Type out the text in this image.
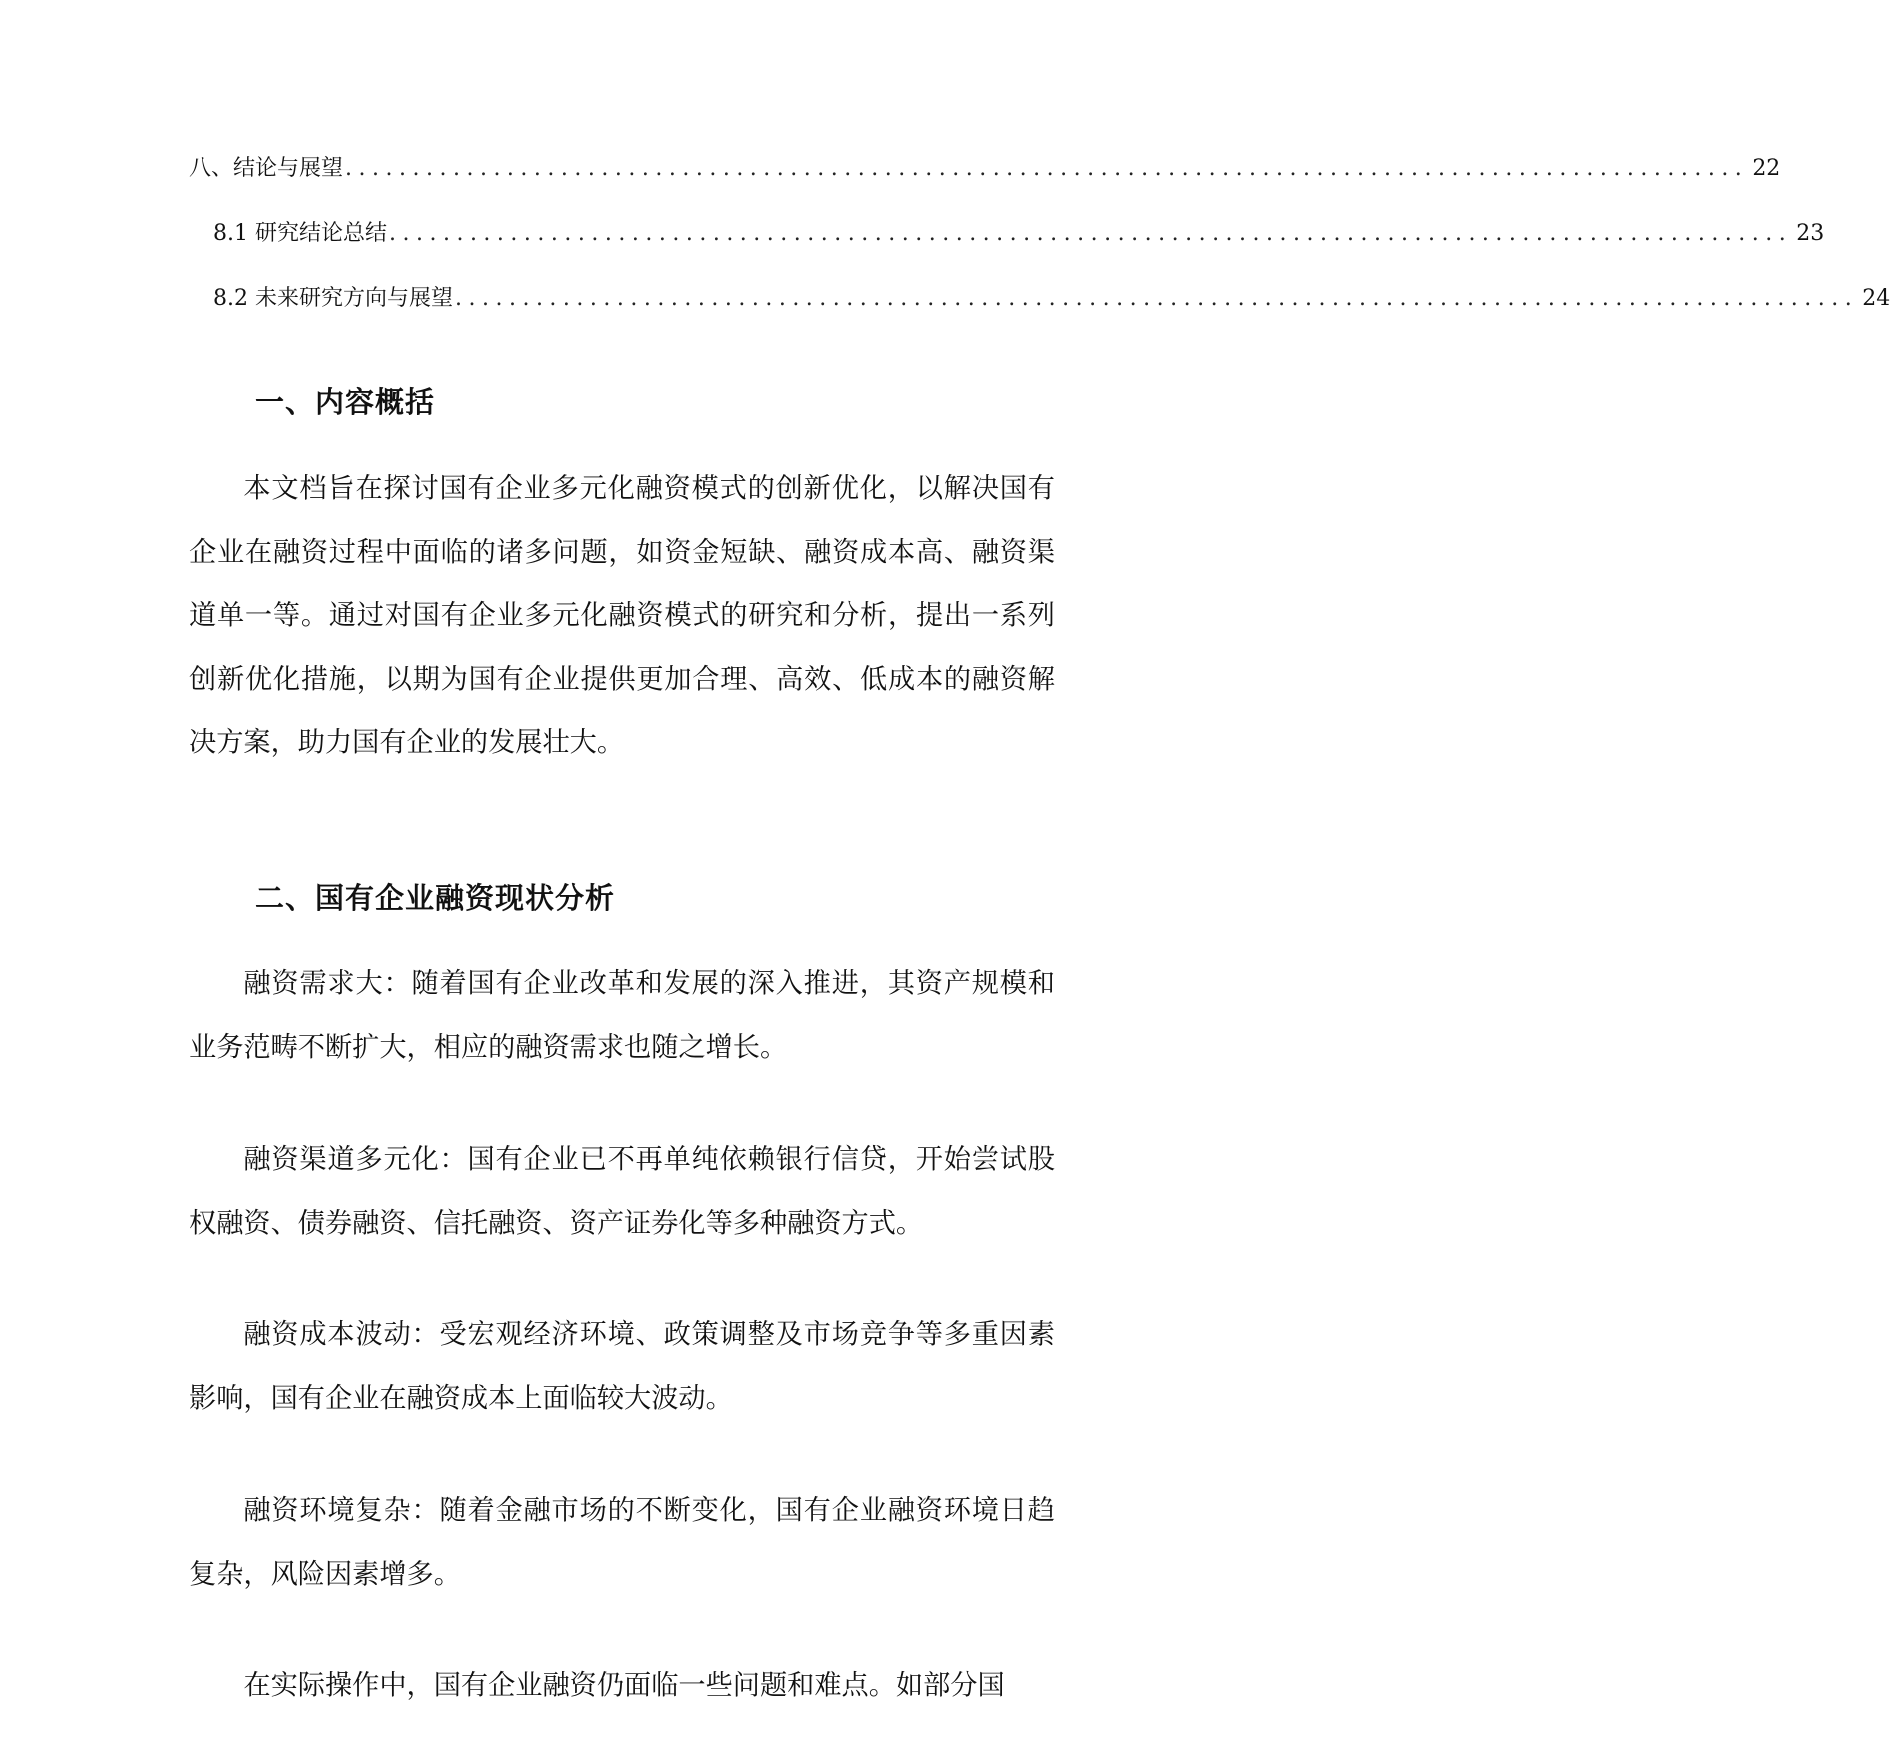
八、结论与展望 ........................................................................................................ 22
8.1 研究结论总结 ........................................................................................................ 23
8.2 未来研究方向与展望 ........................................................................................................ 24
一、内容概括

本文档旨在探讨国有企业多元化融资模式的创新优化，以解决国有企业在融资过程中面临的诸多问题，如资金短缺、融资成本高、融资渠道单一等。通过对国有企业多元化融资模式的研究和分析，提出一系列创新优化措施，以期为国有企业提供更加合理、高效、低成本的融资解决方案，助力国有企业的发展壮大。

二、国有企业融资现状分析

融资需求大：随着国有企业改革和发展的深入推进，其资产规模和业务范畴不断扩大，相应的融资需求也随之增长。

融资渠道多元化：国有企业已不再单纯依赖银行信贷，开始尝试股权融资、债券融资、信托融资、资产证券化等多种融资方式。

融资成本波动：受宏观经济环境、政策调整及市场竞争等多重因素影响，国有企业在融资成本上面临较大波动。

融资环境复杂：随着金融市场的不断变化，国有企业融资环境日趋复杂，风险因素增多。

在实际操作中，国有企业融资仍面临一些问题和难点。如部分国
